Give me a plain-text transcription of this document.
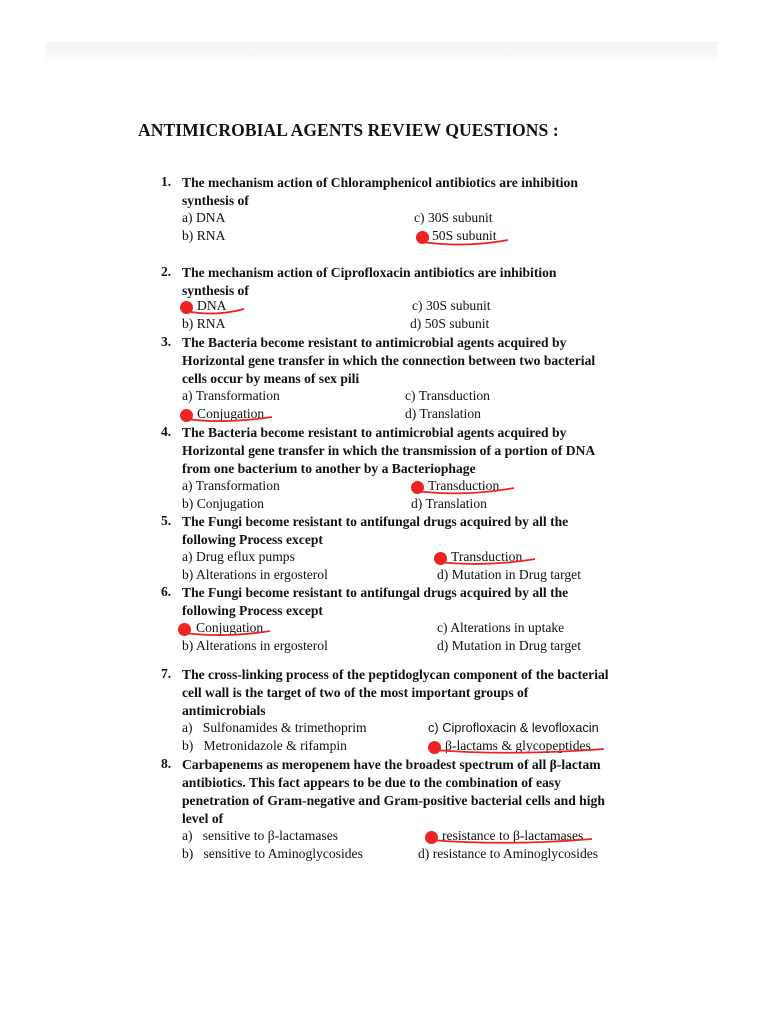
ANTIMICROBIAL AGENTS REVIEW QUESTIONS :
1. The mechanism action of Chloramphenicol antibiotics are inhibition
synthesis of
a) DNA
b) RNA
c) 30S subunit
50S subunit
2. The mechanism action of Ciprofloxacin antibiotics are inhibition
synthesis of
DNA
b) RNA
c) 30S subunit
d) 50S subunit
3. The Bacteria become resistant to antimicrobial agents acquired by
Horizontal gene transfer in which the connection between two bacterial
cells occur by means of sex pili
a) Transformation
Conjugation
c) Transduction
d) Translation
4. The Bacteria become resistant to antimicrobial agents acquired by
Horizontal gene transfer in which the transmission of a portion of DNA
from one bacterium to another by a Bacteriophage
a) Transformation
b) Conjugation
Transduction
d) Translation
5. The Fungi become resistant to antifungal drugs acquired by all the
following Process except
a) Drug eflux pumps
b) Alterations in ergosterol
Transduction
d) Mutation in Drug target
6. The Fungi become resistant to antifungal drugs acquired by all the
following Process except
Conjugation
b) Alterations in ergosterol
c) Alterations in uptake
d) Mutation in Drug target
7. The cross-linking process of the peptidoglycan component of the bacterial
cell wall is the target of two of the most important groups of
antimicrobials
a)   Sulfonamides & trimethoprim
b)   Metronidazole & rifampin
c) Ciprofloxacin & levofloxacin
β-lactams & glycopeptides
8. Carbapenems as meropenem have the broadest spectrum of all β-lactam
antibiotics. This fact appears to be due to the combination of easy
penetration of Gram-negative and Gram-positive bacterial cells and high
level of
a)   sensitive to β-lactamases
b)   sensitive to Aminoglycosides
resistance to β-lactamases
d) resistance to Aminoglycosides
